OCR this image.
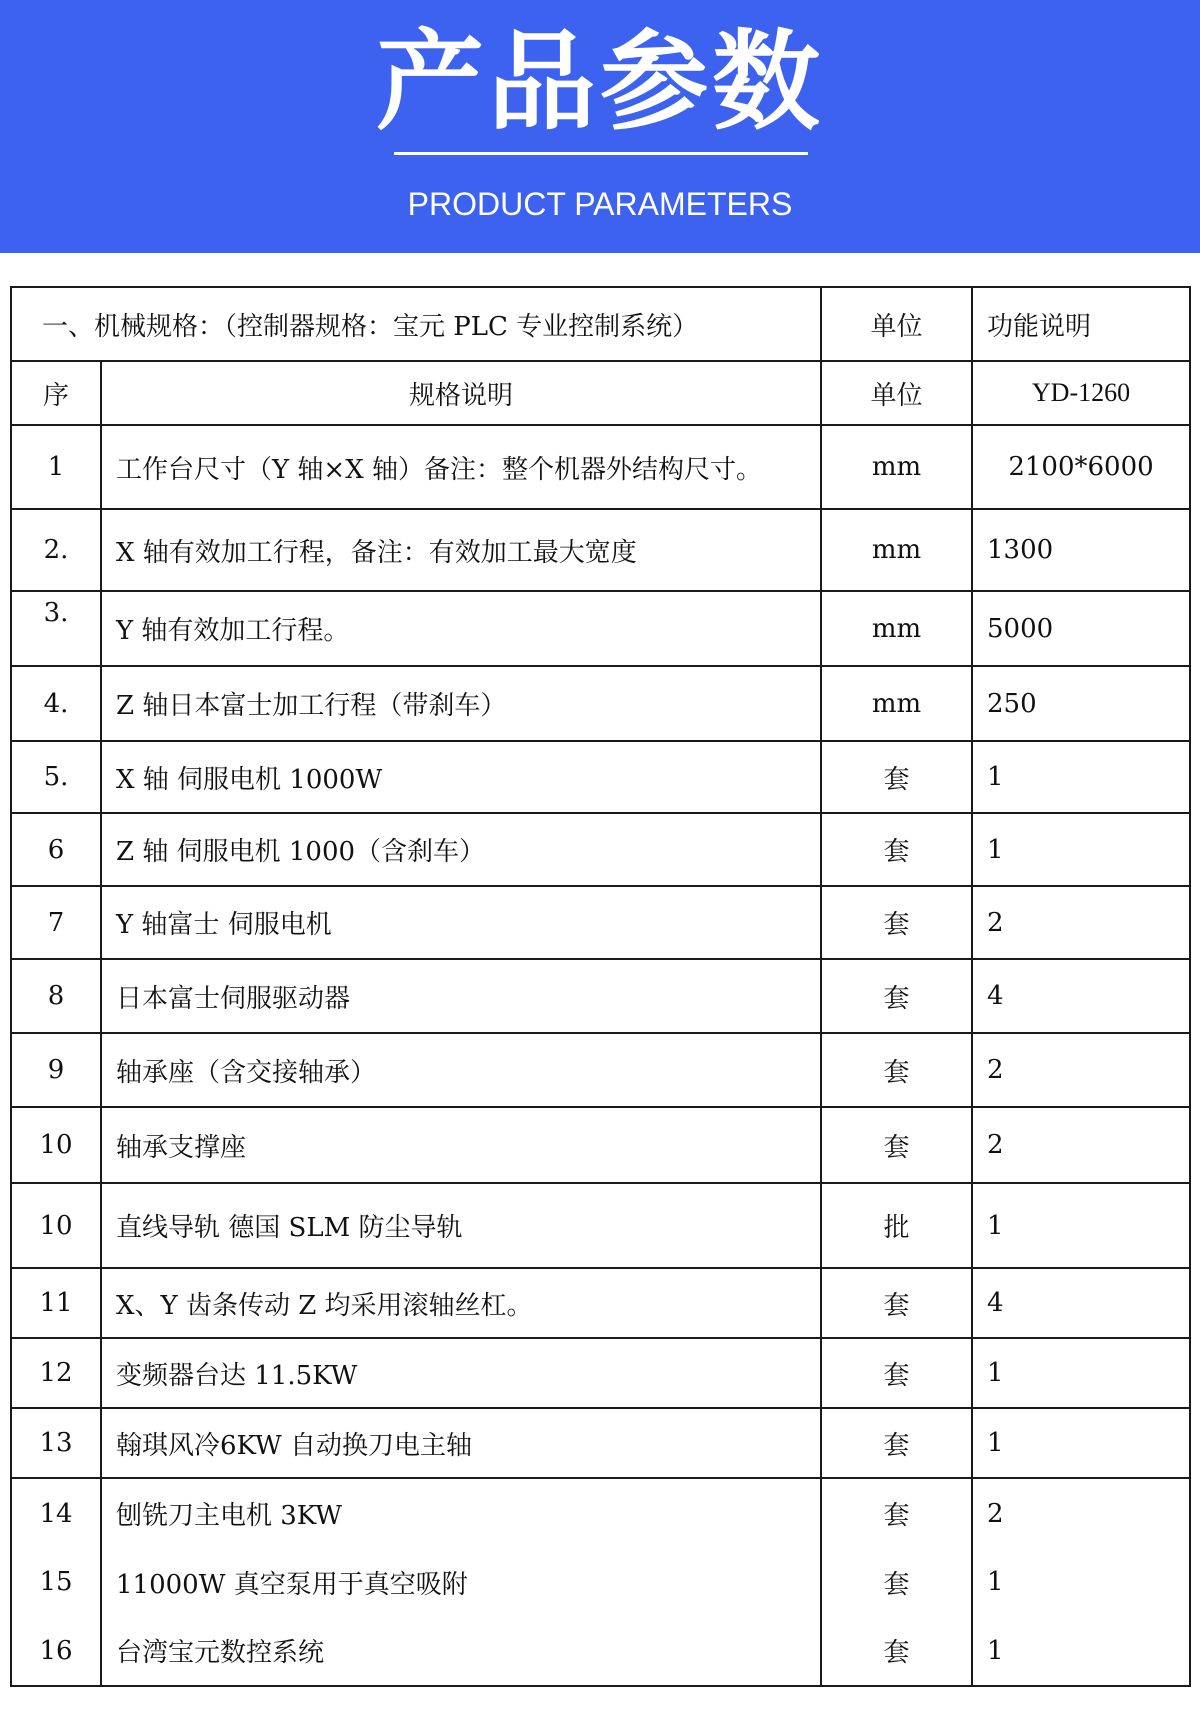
产品参数
PRODUCT PARAMETERS
一、机械规格：（控制器规格：宝元 PLC 专业控制系统）		单位	功能说明
序	规格说明	单位	YD-1260
1	工作台尺寸（Y 轴×X 轴）备注：整个机器外结构尺寸。	mm	2100*6000
2.	X 轴有效加工行程，备注：有效加工最大宽度	mm	1300
3.	Y 轴有效加工行程。	mm	5000
4.	Z 轴日本富士加工行程（带刹车）	mm	250
5.	X 轴 伺服电机 1000W	套	1
6	Z 轴 伺服电机 1000（含刹车）	套	1
7	Y 轴富士 伺服电机	套	2
8	日本富士伺服驱动器	套	4
9	轴承座（含交接轴承）	套	2
10	轴承支撑座	套	2
10	直线导轨 德国 SLM 防尘导轨	批	1
11	X、Y 齿条传动 Z 均采用滚轴丝杠。	套	4
12	变频器台达 11.5KW	套	1
13	翰琪风冷6KW 自动换刀电主轴	套	1
14	刨铣刀主电机 3KW	套	2
15	11000W 真空泵用于真空吸附	套	1
16	台湾宝元数控系统	套	1
